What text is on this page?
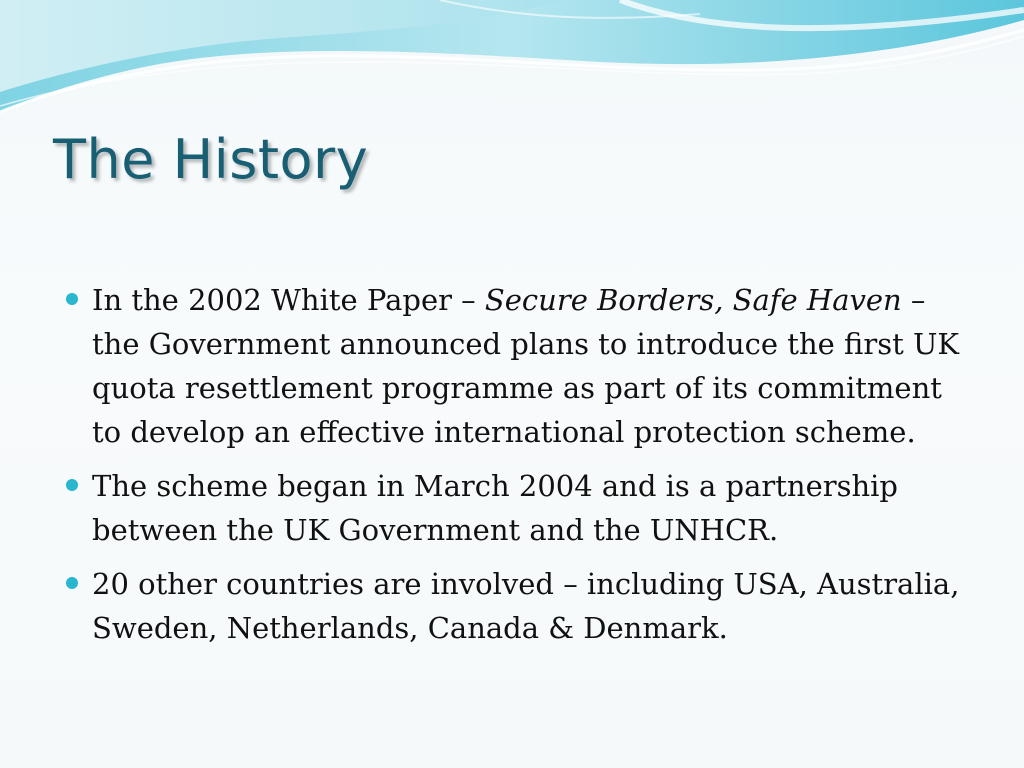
The History
In the 2002 White Paper – Secure Borders, Safe Haven – the Government announced plans to introduce the first UK quota resettlement programme as part of its commitment to develop an effective international protection scheme.
The scheme began in March 2004 and is a partnership between the UK Government and the UNHCR.
20 other countries are involved – including USA, Australia, Sweden, Netherlands, Canada & Denmark.
